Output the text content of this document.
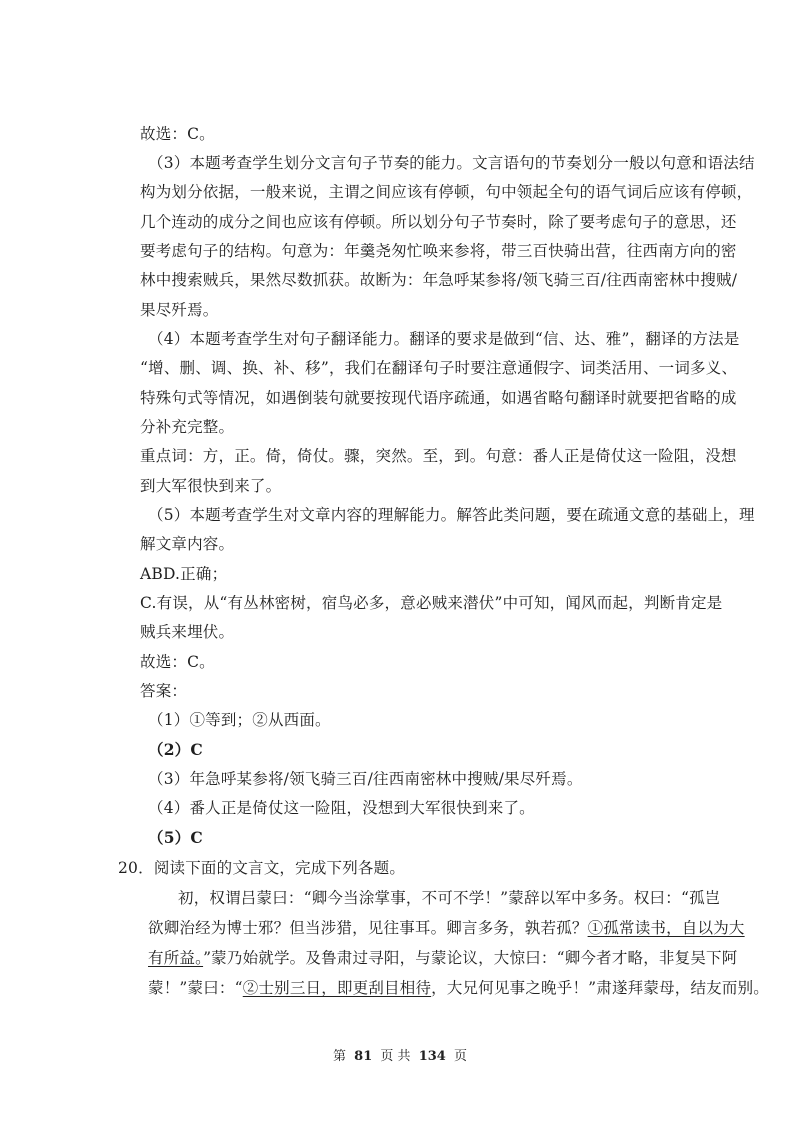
故选：C。
（3）本题考查学生划分文言句子节奏的能力。文言语句的节奏划分一般以句意和语法结
构为划分依据，一般来说，主谓之间应该有停顿，句中领起全句的语气词后应该有停顿，
几个连动的成分之间也应该有停顿。所以划分句子节奏时，除了要考虑句子的意思，还
要考虑句子的结构。句意为：年羹尧匆忙唤来参将，带三百快骑出营，往西南方向的密
林中搜索贼兵，果然尽数抓获。故断为：年急呼某参将/领飞骑三百/往西南密林中搜贼/
果尽歼焉。
（4）本题考查学生对句子翻译能力。翻译的要求是做到“信、达、雅”，翻译的方法是
“增、删、调、换、补、移”，我们在翻译句子时要注意通假字、词类活用、一词多义、
特殊句式等情况，如遇倒装句就要按现代语序疏通，如遇省略句翻译时就要把省略的成
分补充完整。
重点词：方，正。倚，倚仗。骤，突然。至，到。句意：番人正是倚仗这一险阻，没想
到大军很快到来了。
（5）本题考查学生对文章内容的理解能力。解答此类问题，要在疏通文意的基础上，理
解文章内容。
ABD.正确；
C.有误，从“有丛林密树，宿鸟必多，意必贼来潜伏”中可知，闻风而起，判断肯定是
贼兵来埋伏。
故选：C。
答案：
（1）①等到；②从西面。
（2）C
（3）年急呼某参将/领飞骑三百/往西南密林中搜贼/果尽歼焉。
（4）番人正是倚仗这一险阻，没想到大军很快到来了。
（5）C
20．阅读下面的文言文，完成下列各题。
初，权谓吕蒙曰：“卿今当涂掌事，不可不学！”蒙辞以军中多务。权曰：“孤岂
欲卿治经为博士邪？但当涉猎，见往事耳。卿言多务，孰若孤？①孤常读书，自以为大
有所益。”蒙乃始就学。及鲁肃过寻阳，与蒙论议，大惊曰：“卿今者才略，非复吴下阿
蒙！”蒙曰：“②士别三日，即更刮目相待，大兄何见事之晚乎！”肃遂拜蒙母，结友而别。
第 81 页 共 134 页
